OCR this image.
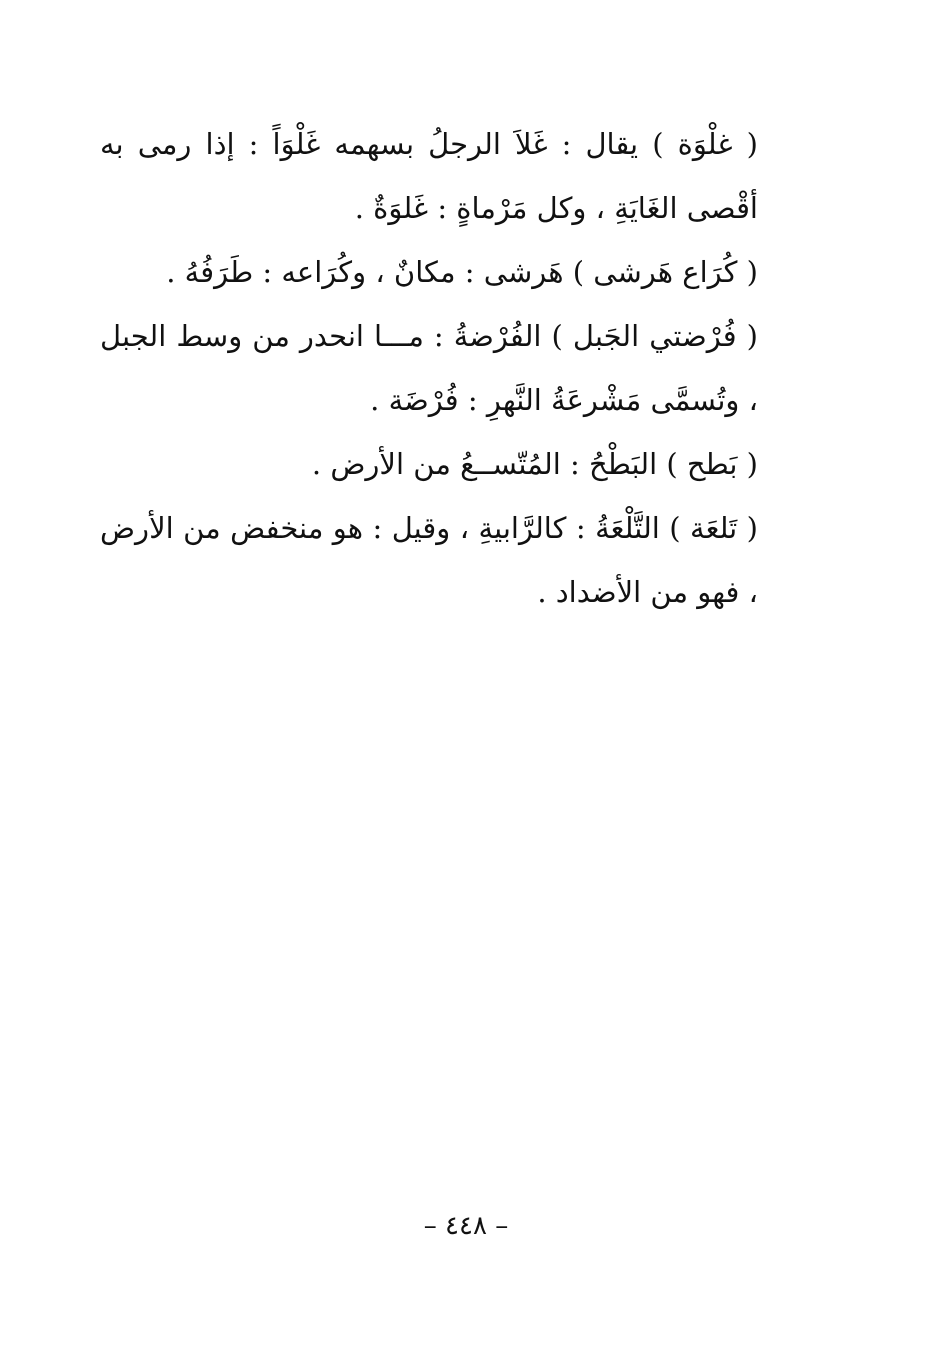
( غلْوَة ) يقال : غَلاَ الرجلُ بسهمه غَلْوَاً : إذا رمى به أقْصى الغَايَةِ ، وكل مَرْماةٍ : غَلوَةٌ .

( كُرَاع هَرشى ) هَرشى : مكانٌ ، وكُرَاعه : طَرَفُهُ .

( فُرْضتي الجَبل ) الفُرْضةُ : مـــا انحدر من وسط الجبل ، وتُسمَّى مَشْرعَةُ النَّهرِ : فُرْضَة .

( بَطح ) البَطْحُ : المُتّســعُ من الأرض .

( تَلعَة ) التَّلْعَةُ : كالرَّابيةِ ، وقيل : هو منخفض من الأرض ، فهو من الأضداد .

– ٤٤٨ –
